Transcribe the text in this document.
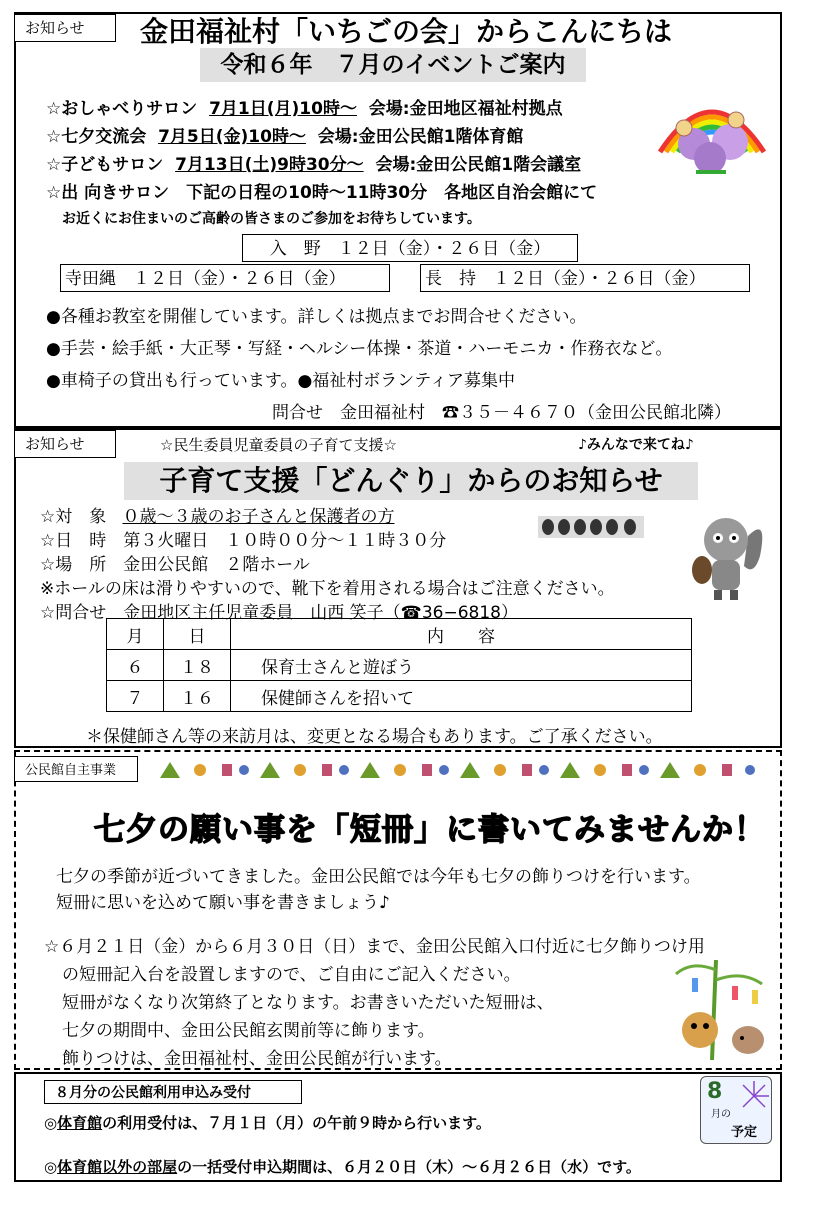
お知らせ	金田福祉村「いちごの会」からこんにちは
令和６年　７月のイベントご案内
☆おしゃべりサロン 7月1日(月)10時～ 会場:金田地区福祉村拠点
☆七夕交流会 7月5日(金)10時～ 会場:金田公民館1階体育館
☆子どもサロン 7月13日(土)9時30分～ 会場:金田公民館1階会議室
☆出 向きサロン　下記の日程の10時～11時30分　各地区自治会館にて
お近くにお住まいのご高齢の皆さまのご参加をお待ちしています。
入　野　１２日（金）・２６日（金）
寺田縄　１２日（金）・２６日（金）	長　持　１２日（金）・２６日（金）
●各種お教室を開催しています。詳しくは拠点までお問合せください。
●手芸・絵手紙・大正琴・写経・ヘルシー体操・茶道・ハーモニカ・作務衣など。
●車椅子の貸出も行っています。●福祉村ボランティア募集中
問合せ　金田福祉村　☎３５－４６７０（金田公民館北隣）
お知らせ	☆民生委員児童委員の子育て支援☆	♪みんなで来てね♪
子育て支援「どんぐり」からのお知らせ
☆対　象 ０歳～３歳のお子さんと保護者の方
☆日　時　第３火曜日　１０時００分～１１時３０分
☆場　所　金田公民館　２階ホール
※ホールの床は滑りやすいので、靴下を着用される場合はご注意ください。
☆問合せ　金田地区主任児童委員　山西 笑子（☎36−6818）
月	日	内　　容
６	１８	保育士さんと遊ぼう
７	１６	保健師さんを招いて
＊保健師さん等の来訪月は、変更となる場合もあります。ご了承ください。
公民館自主事業
七夕の願い事を「短冊」に書いてみませんか！
七夕の季節が近づいてきました。金田公民館では今年も七夕の飾りつけを行います。
短冊に思いを込めて願い事を書きましょう♪
☆６月２１日（金）から６月３０日（日）まで、金田公民館入口付近に七夕飾りつけ用
の短冊記入台を設置しますので、ご自由にご記入ください。
短冊がなくなり次第終了となります。お書きいただいた短冊は、
七夕の期間中、金田公民館玄関前等に飾ります。
飾りつけは、金田福祉村、金田公民館が行います。
８月分の公民館利用申込み受付
◎体育館の利用受付は、７月１日（月）の午前９時から行います。
◎体育館以外の部屋の一括受付申込期間は、６月２０日（木）～６月２６日（水）です。
8
月の
予定
